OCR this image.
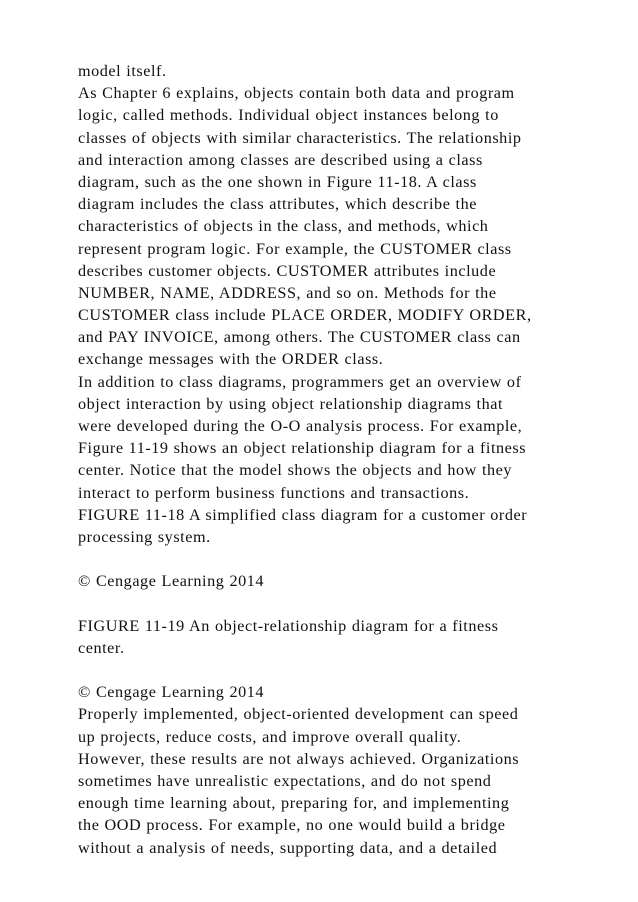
model itself.
As Chapter 6 explains, objects contain both data and program
logic, called methods. Individual object instances belong to
classes of objects with similar characteristics. The relationship
and interaction among classes are described using a class
diagram, such as the one shown in Figure 11-18. A class
diagram includes the class attributes, which describe the
characteristics of objects in the class, and methods, which
represent program logic. For example, the CUSTOMER class
describes customer objects. CUSTOMER attributes include
NUMBER, NAME, ADDRESS, and so on. Methods for the
CUSTOMER class include PLACE ORDER, MODIFY ORDER,
and PAY INVOICE, among others. The CUSTOMER class can
exchange messages with the ORDER class.
In addition to class diagrams, programmers get an overview of
object interaction by using object relationship diagrams that
were developed during the O-O analysis process. For example,
Figure 11-19 shows an object relationship diagram for a fitness
center. Notice that the model shows the objects and how they
interact to perform business functions and transactions.
FIGURE 11-18 A simplified class diagram for a customer order
processing system.
© Cengage Learning 2014
FIGURE 11-19 An object-relationship diagram for a fitness
center.
© Cengage Learning 2014
Properly implemented, object-oriented development can speed
up projects, reduce costs, and improve overall quality.
However, these results are not always achieved. Organizations
sometimes have unrealistic expectations, and do not spend
enough time learning about, preparing for, and implementing
the OOD process. For example, no one would build a bridge
without a analysis of needs, supporting data, and a detailed
